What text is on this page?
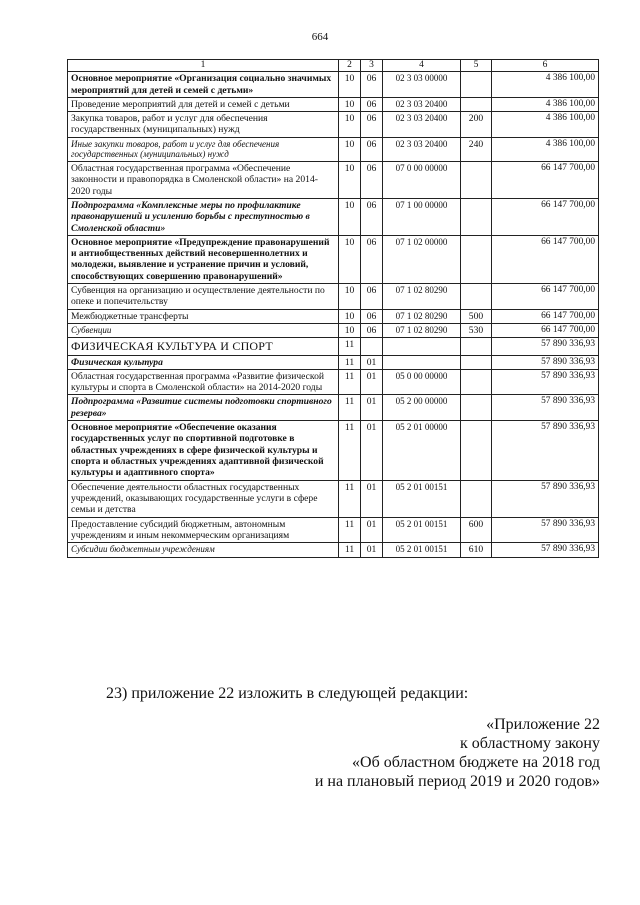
664
1	2	3	4	5	6
Основное мероприятие «Организация социально значимых мероприятий для детей и семей с детьми»	10	06	02 3 03 00000		4 386 100,00
Проведение мероприятий для детей и семей с детьми	10	06	02 3 03 20400		4 386 100,00
Закупка товаров, работ и услуг для обеспечения государственных (муниципальных) нужд	10	06	02 3 03 20400	200	4 386 100,00
Иные закупки товаров, работ и услуг для обеспечения государственных (муниципальных) нужд	10	06	02 3 03 20400	240	4 386 100,00
Областная государственная программа «Обеспечение законности и правопорядка в Смоленской области» на 2014-2020 годы	10	06	07 0 00 00000		66 147 700,00
Подпрограмма «Комплексные меры по профилактике правонарушений и усилению борьбы с преступностью в Смоленской области»	10	06	07 1 00 00000		66 147 700,00
Основное мероприятие «Предупреждение правонарушений и антиобщественных действий несовершеннолетних и молодежи, выявление и устранение причин и условий, способствующих совершению правонарушений»	10	06	07 1 02 00000		66 147 700,00
Субвенция на организацию и осуществление деятельности по опеке и попечительству	10	06	07 1 02 80290		66 147 700,00
Межбюджетные трансферты	10	06	07 1 02 80290	500	66 147 700,00
Субвенции	10	06	07 1 02 80290	530	66 147 700,00
ФИЗИЧЕСКАЯ КУЛЬТУРА И СПОРТ	11				57 890 336,93
Физическая культура	11	01			57 890 336,93
Областная государственная программа «Развитие физической культуры и спорта в Смоленской области» на 2014-2020 годы	11	01	05 0 00 00000		57 890 336,93
Подпрограмма «Развитие системы подготовки спортивного резерва»	11	01	05 2 00 00000		57 890 336,93
Основное мероприятие «Обеспечение оказания государственных услуг по спортивной подготовке в областных учреждениях в сфере физической культуры и спорта и областных учреждениях адаптивной физической культуры и адаптивного спорта»	11	01	05 2 01 00000		57 890 336,93
Обеспечение деятельности областных государственных учреждений, оказывающих государственные услуги в сфере семьи и детства	11	01	05 2 01 00151		57 890 336,93
Предоставление субсидий бюджетным, автономным учреждениям и иным некоммерческим организациям	11	01	05 2 01 00151	600	57 890 336,93
Субсидии бюджетным учреждениям	11	01	05 2 01 00151	610	57 890 336,93
23) приложение 22 изложить в следующей редакции:
«Приложение 22
к областному закону
«Об областном бюджете на 2018 год
и на плановый период 2019 и 2020 годов»
